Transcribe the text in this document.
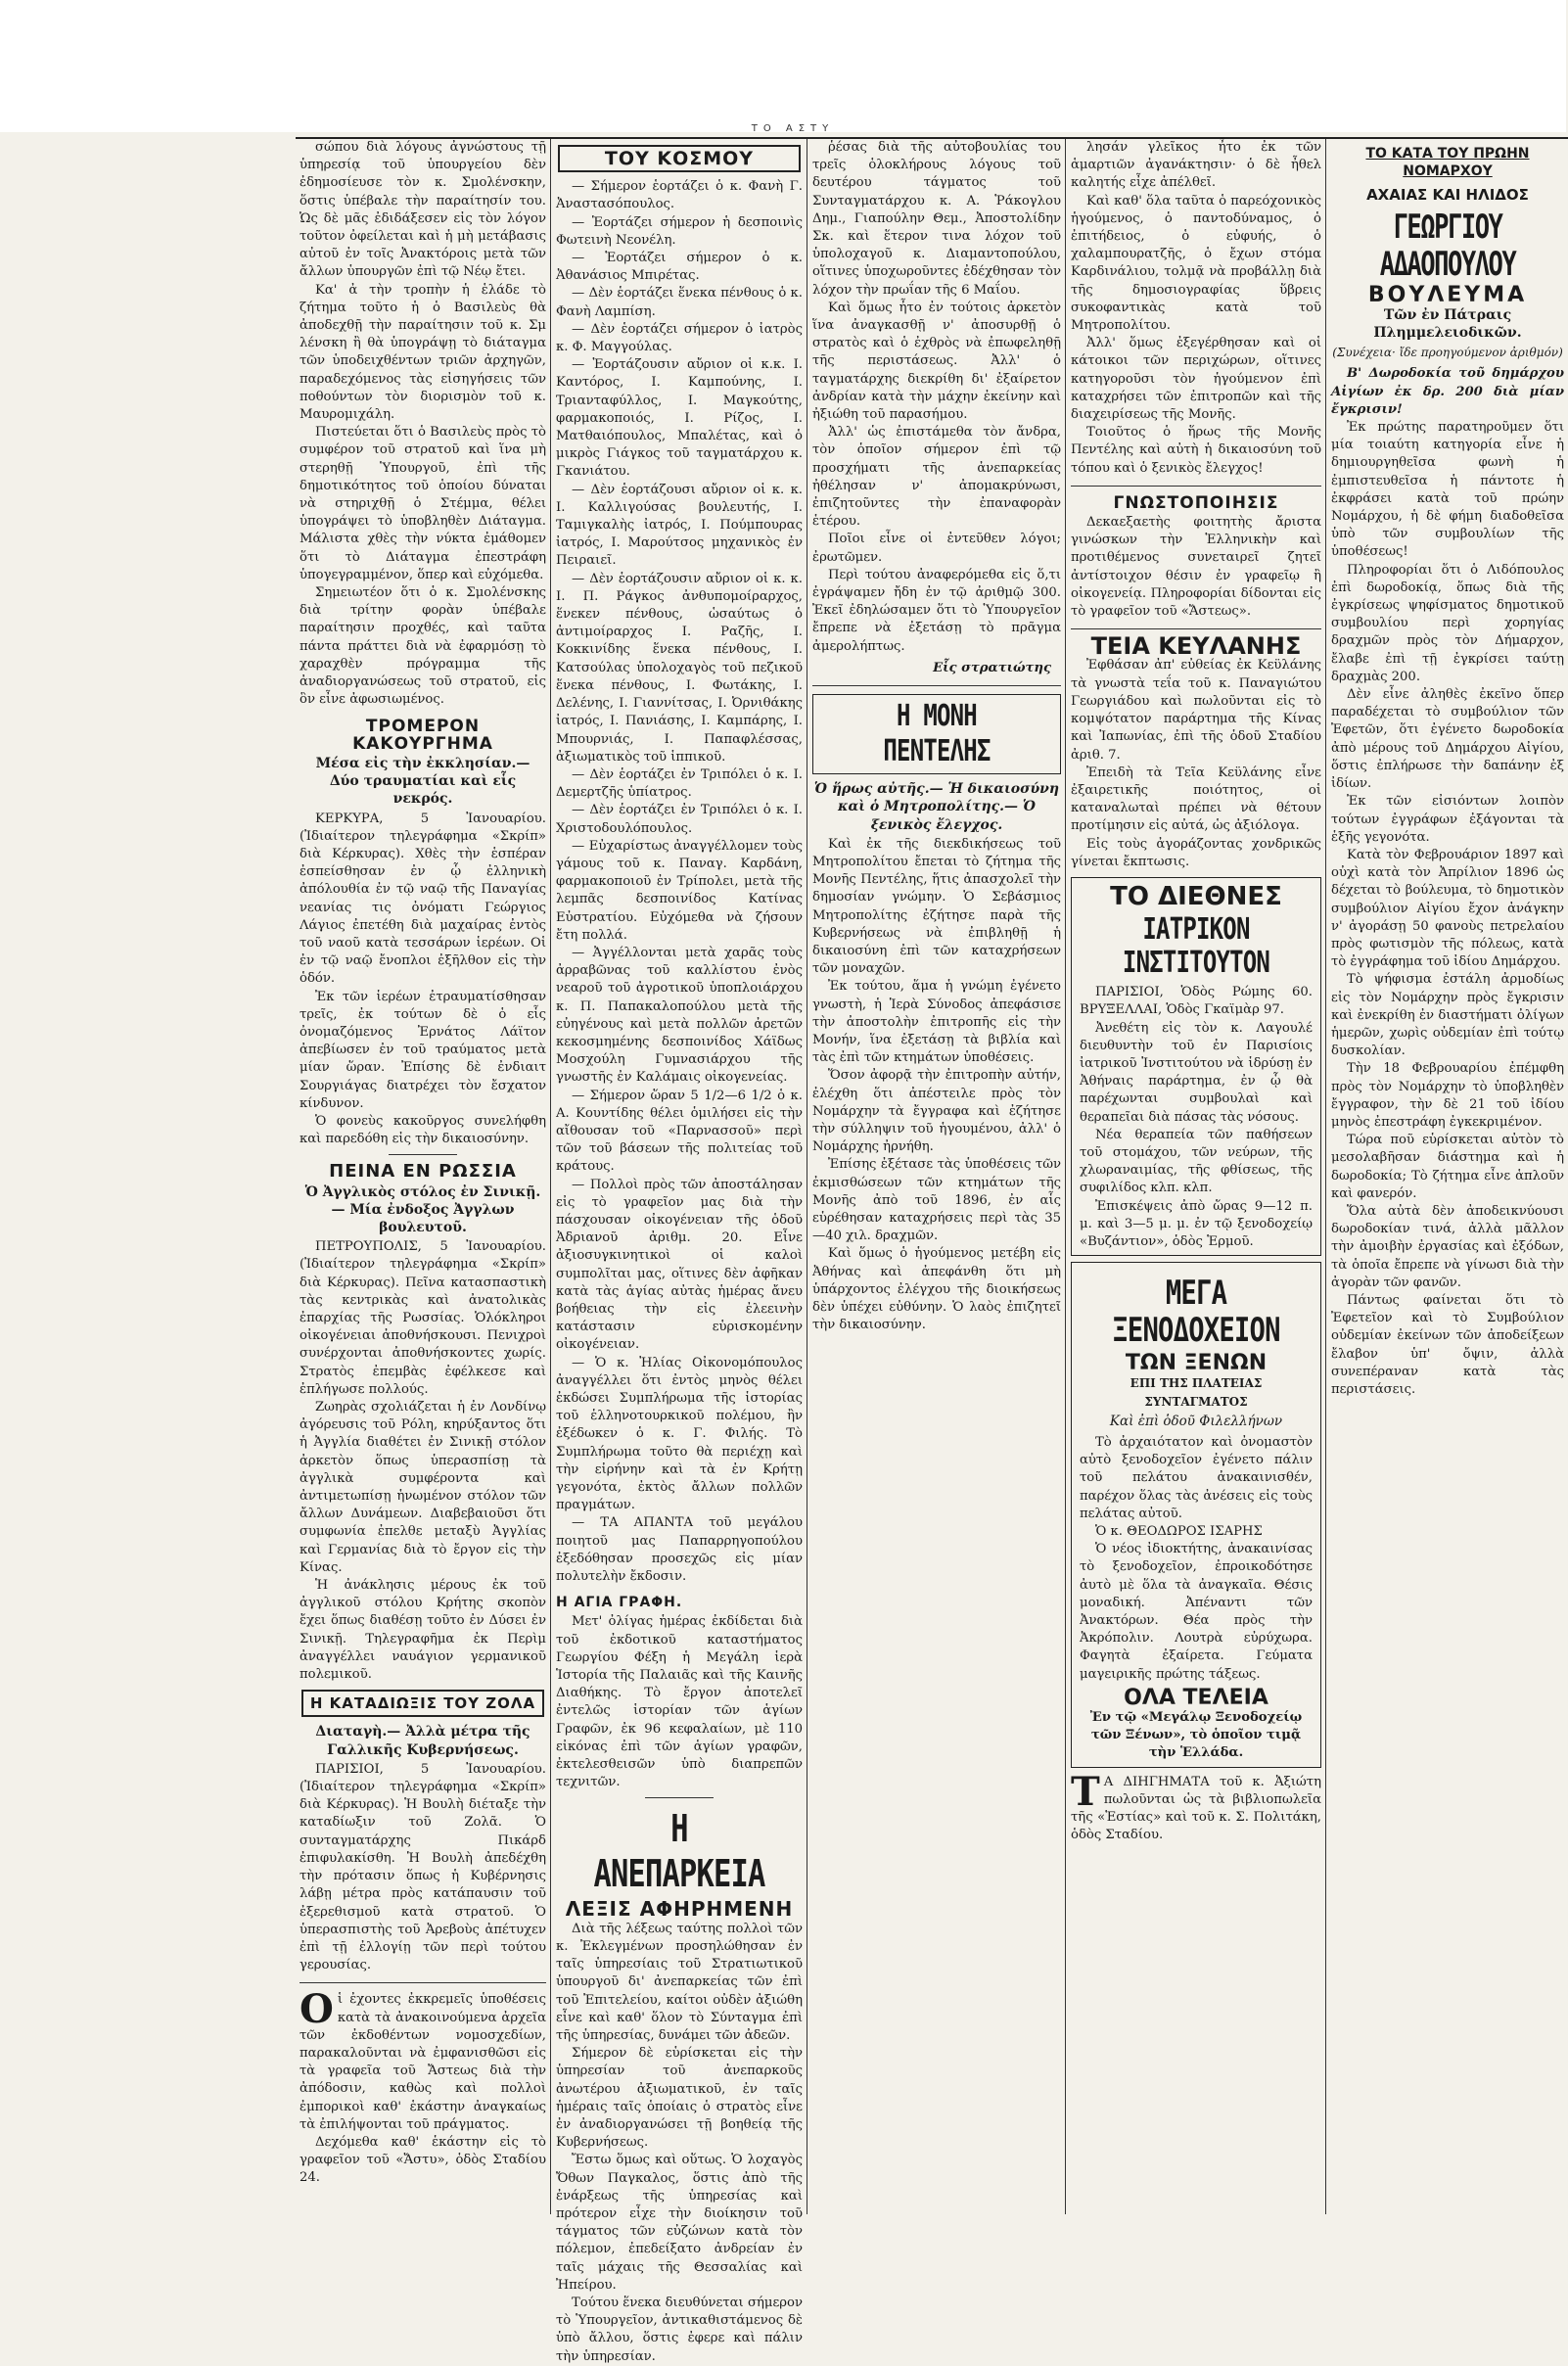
ΤΟ ΑΣΤΥ

σώπου διὰ λόγους ἀγνώστους τῇ ὑπηρεσίᾳ τοῦ ὑπουργείου δὲν ἐδημοσίευσε τὸν κ. Σμολένσκην, ὅστις ὑπέβαλε τὴν παραίτησίν του. Ὡς δὲ μᾶς ἐδιδάξεσεν εἰς τὸν λόγον τοῦτον ὀφείλεται καὶ ἡ μὴ μετάβασις αὐτοῦ ἐν τοῖς Ἀνακτόροις μετὰ τῶν ἄλλων ὑπουργῶν ἐπὶ τῷ Νέῳ ἔτει.

Κα' ἀ τὴν τροπὴν ἡ ἑλάδε τὸ ζήτημα τοῦτο ἡ ὁ Βασιλεὺς θὰ ἀποδεχθῇ τὴν παραίτησιν τοῦ κ. Σμ λένσκη ἢ θὰ ὑπογράψῃ τὸ διάταγμα τῶν ὑποδειχθέντων τριῶν ἀρχηγῶν, παραδεχόμενος τὰς εἰσηγήσεις τῶν ποθούντων τὸν διορισμὸν τοῦ κ. Μαυρομιχάλη.

Πιστεύεται ὅτι ὁ Βασιλεὺς πρὸς τὸ συμφέρον τοῦ στρατοῦ καὶ ἵνα μὴ στερηθῇ Ὑπουργοῦ, ἐπὶ τῆς δημοτικότητος τοῦ ὁποίου δύναται νὰ στηριχθῇ ὁ Στέμμα, θέλει ὑπογράψει τὸ ὑποβληθὲν Διάταγμα. Μάλιστα χθὲς τὴν νύκτα ἐμάθομεν ὅτι τὸ Διάταγμα ἐπεστράφη ὑπογεγραμμένον, ὅπερ καὶ εὐχόμεθα.

Σημειωτέον ὅτι ὁ κ. Σμολένσκης διὰ τρίτην φορὰν ὑπέβαλε παραίτησιν προχθές, καὶ ταῦτα πάντα πράττει διὰ νὰ ἐφαρμόσῃ τὸ χαραχθὲν πρόγραμμα τῆς ἀναδιοργανώσεως τοῦ στρατοῦ, εἰς ὃν εἶνε ἀφωσιωμένος.

ΤΡΟΜΕΡΟΝ ΚΑΚΟΥΡΓΗΜΑ
Μέσα εἰς τὴν ἐκκλησίαν.— Δύο τραυματίαι καὶ εἷς νεκρός.

ΚΕΡΚΥΡΑ, 5 Ἰανουαρίου. (Ἰδιαίτερον τηλεγράφημα «Σκρίπ» διὰ Κέρκυρας). Χθὲς τὴν ἑσπέραν ἐσπείσθησαν ἐν ᾧ ἐλληνικὴ ἀπόλουθία ἐν τῷ ναῷ τῆς Παναγίας νεανίας τις ὀνόματι Γεώργιος Λάγιος ἐπετέθη διὰ μαχαίρας ἐντὸς τοῦ ναοῦ κατὰ τεσσάρων ἱερέων. Οἱ ἐν τῷ ναῷ ἔνοπλοι ἐξῆλθον εἰς τὴν ὁδόν.

Ἐκ τῶν ἱερέων ἐτραυματίσθησαν τρεῖς, ἐκ τούτων δὲ ὁ εἷς ὀνομαζόμενος Ἐρνάτος Λάϊτον ἀπεβίωσεν ἐν τοῦ τραύματος μετὰ μίαν ὥραν. Ἐπίσης δὲ ἐνδιαιτ Σουργιάγας διατρέχει τὸν ἔσχατον κίνδυνον.

Ὁ φονεὺς κακοῦργος συνελήφθη καὶ παρεδόθη εἰς τὴν δικαιοσύνην.

ΠΕΙΝΑ ΕΝ ΡΩΣΣΙΑ
Ὁ Ἀγγλικὸς στόλος ἐν Σινικῇ.— Μία ἐνδοξος Ἀγγλων βουλευτοῦ.

ΠΕΤΡΟΥΠΟΛΙΣ, 5 Ἰανουαρίου. (Ἰδιαίτερον τηλεγράφημα «Σκρίπ» διὰ Κέρκυρας). Πεῖνα κατασπαστικὴ τὰς κεντρικὰς καὶ ἀνατολικὰς ἐπαρχίας τῆς Ρωσσίας. Ὁλόκληροι οἰκογένειαι ἀποθνήσκουσι. Πενιχροὶ συνέρχονται ἀποθνήσκοντες χωρίς. Στρατὸς ἐπεμβὰς ἐφέλκεσε καὶ ἐπλήγωσε πολλούς.

Ζωηρὰς σχολιάζεται ἡ ἐν Λονδίνῳ ἀγόρευσις τοῦ Ρόλη, κηρύξαντος ὅτι ἡ Ἀγγλία διαθέτει ἐν Σινικῇ στόλον ἀρκετὸν ὅπως ὑπερασπίσῃ τὰ ἀγγλικὰ συμφέροντα καὶ ἀντιμετωπίσῃ ἡνωμένον στόλον τῶν ἄλλων Δυνάμεων. Διαβεβαιοῦσι ὅτι συμφωνία ἐπελθε μεταξὺ Ἀγγλίας καὶ Γερμανίας διὰ τὸ ἔργον εἰς τὴν Κίνας.

Ἡ ἀνάκλησις μέρους ἐκ τοῦ ἀγγλικοῦ στόλου Κρήτης σκοπὸν ἔχει ὅπως διαθέσῃ τοῦτο ἐν Δύσει ἐν Σινικῇ. Τηλεγραφῆμα ἐκ Περὶμ ἀναγγέλλει ναυάγιον γερμανικοῦ πολεμικοῦ.

Η ΚΑΤΑΔΙΩΞΙΣ ΤΟΥ ΖΟΛΑ
Διαταγὴ.— Ἀλλὰ μέτρα τῆς Γαλλικῆς Κυβερνήσεως.

ΠΑΡΙΣΙΟΙ, 5 Ἰανουαρίου. (Ἰδιαίτερον τηλεγράφημα «Σκρίπ» διὰ Κέρκυρας). Ἡ Βουλὴ διέταξε τὴν καταδίωξιν τοῦ Ζολᾶ. Ὁ συνταγματάρχης Πικάρδ ἐπιφυλακίσθη. Ἡ Βουλὴ ἀπεδέχθη τὴν πρότασιν ὅπως ἡ Κυβέρνησις λάβῃ μέτρα πρὸς κατάπαυσιν τοῦ ἐξερεθισμοῦ κατὰ στρατοῦ. Ὁ ὑπερασπιστὴς τοῦ Ἀρεβοὺς ἀπέτυχεν ἐπὶ τῇ ἐλλογίῃ τῶν περὶ τούτου γερουσίας.

Οἱ ἐχοντες ἐκκρεμεῖς ὑποθέσεις κατὰ τὰ ἀνακοινούμενα ἀρχεῖα τῶν ἐκδοθέντων νομοσχεδίων, παρακαλοῦνται νὰ ἐμφανισθῶσι εἰς τὰ γραφεῖα τοῦ Ἄστεως διὰ τὴν ἀπόδοσιν, καθὼς καὶ πολλοὶ ἐμπορικοὶ καθ' ἑκάστην ἀναγκαίως τὰ ἐπιλήψονται τοῦ πράγματος.

Δεχόμεθα καθ' ἑκάστην εἰς τὸ γραφεῖον τοῦ «Ἄστυ», ὁδὸς Σταδίου 24.

ΤΟΥ ΚΟΣΜΟΥ

— Σήμερον ἑορτάζει ὁ κ. Φανὴ Γ. Ἀναστασόπουλος.

— Ἑορτάζει σήμερον ἡ δεσποινὶς Φωτεινὴ Νεονέλη.

— Ἑορτάζει σήμερον ὁ κ. Ἀθανάσιος Μπιρέτας.

— Δὲν ἑορτάζει ἕνεκα πένθους ὁ κ. Φανὴ Λαμπίση.

— Δὲν ἑορτάζει σήμερον ὁ ἰατρὸς κ. Φ. Μαγγούλας.

— Ἑορτάζουσιν αὔριον οἱ κ.κ. Ι. Καντόρος, Ι. Καμπούνης, Ι. Τριανταφύλλος, Ι. Μαγκούτης, φαρμακοποιός, Ι. Ρίζος, Ι. Ματθαιόπουλος, Μπαλέτας, καὶ ὁ μικρὸς Γιάγκος τοῦ ταγματάρχου κ. Γκανιάτου.

— Δὲν ἑορτάζουσι αὔριον οἱ κ. κ. Ι. Καλλιγούσας βουλευτής, Ι. Ταμιγκαλὴς ἰατρός, Ι. Πούμπουρας ἰατρός, Ι. Μαρούτσος μηχανικὸς ἐν Πειραιεῖ.

— Δὲν ἑορτάζουσιν αὔριον οἱ κ. κ. Ι. Π. Ράγκος ἀνθυπομοίραρχος, ἕνεκεν πένθους, ὡσαύτως ὁ ἀντιμοίραρχος Ι. Ραζῆς, Ι. Κοκκινίδης ἕνεκα πένθους, Ι. Κατσούλας ὑπολοχαγὸς τοῦ πεζικοῦ ἕνεκα πένθους, Ι. Φωτάκης, Ι. Δελένης, Ι. Γιαννίτσας, Ι. Ὀρνιθάκης ἰατρός, Ι. Πανιάσης, Ι. Καμπάρης, Ι. Μπουρνιάς, Ι. Παπαφλέσσας, ἀξιωματικὸς τοῦ ἱππικοῦ.

— Δὲν ἑορτάζει ἐν Τριπόλει ὁ κ. Ι. Δεμερτζῆς ὑπίατρος.

— Δὲν ἑορτάζει ἐν Τριπόλει ὁ κ. Ι. Χριστοδουλόπουλος.

— Εὐχαρίστως ἀναγγέλλομεν τοὺς γάμους τοῦ κ. Παναγ. Καρδάνη, φαρμακοποιοῦ ἐν Τρίπολει, μετὰ τῆς λεμπᾶς δεσποινίδος Κατίνας Εὐστρατίου. Εὐχόμεθα νὰ ζήσουν ἔτη πολλά.

— Ἀγγέλλονται μετὰ χαρᾶς τοὺς ἀρραβῶνας τοῦ καλλίστου ἐνὸς νεαροῦ τοῦ ἀγροτικοῦ ὑποπλοιάρχου κ. Π. Παπακαλοπούλου μετὰ τῆς εὐηγένους καὶ μετὰ πολλῶν ἀρετῶν κεκοσμημένης δεσποινίδος Χάϊδως Μοσχούλη Γυμνασιάρχου τῆς γνωστῆς ἐν Καλάμαις οἰκογενείας.

— Σήμερον ὥραν 5 1/2—6 1/2 ὁ κ. Α. Κουντίδης θέλει ὁμιλήσει εἰς τὴν αἴθουσαν τοῦ «Παρνασσοῦ» περὶ τῶν τοῦ βάσεων τῆς πολιτείας τοῦ κράτους.

— Πολλοὶ πρὸς τῶν ἀποστάλησαν εἰς τὸ γραφεῖον μας διὰ τὴν πάσχουσαν οἰκογένειαν τῆς ὁδοῦ Ἀδριανοῦ ἀριθμ. 20. Εἶνε ἀξιοσυγκινητικοὶ οἱ καλοὶ συμπολῖται μας, οἵτινες δὲν ἀφῆκαν κατὰ τὰς ἁγίας αὐτὰς ἡμέρας ἄνευ βοήθειας τὴν εἰς ἐλεεινὴν κατάστασιν εὑρισκομένην οἰκογένειαν.

— Ὁ κ. Ἠλίας Οἰκονομόπουλος ἀναγγέλλει ὅτι ἐντὸς μηνὸς θέλει ἐκδώσει Συμπλήρωμα τῆς ἱστορίας τοῦ ἑλληνοτουρκικοῦ πολέμου, ἢν ἐξέδωκεν ὁ κ. Γ. Φιλής. Τὸ Συμπλήρωμα τοῦτο θὰ περιέχῃ καὶ τὴν εἰρήνην καὶ τὰ ἐν Κρήτῃ γεγονότα, ἐκτὸς ἄλλων πολλῶν πραγμάτων.

— ΤΑ ΑΠΑΝΤΑ τοῦ μεγάλου ποιητοῦ μας Παπαρρηγοπούλου ἐξεδόθησαν προσεχῶς εἰς μίαν πολυτελὴν ἔκδοσιν.

Η ΑΓΙΑ ΓΡΑΦΗ.

Μετ' ὀλίγας ἡμέρας ἐκδίδεται διὰ τοῦ ἐκδοτικοῦ καταστήματος Γεωργίου Φέξη ἡ Μεγάλη ἱερὰ Ἱστορία τῆς Παλαιᾶς καὶ τῆς Καινῆς Διαθήκης. Τὸ ἔργον ἀποτελεῖ ἐντελῶς ἱστορίαν τῶν ἁγίων Γραφῶν, ἐκ 96 κεφαλαίων, μὲ 110 εἰκόνας ἐπὶ τῶν ἁγίων γραφῶν, ἐκτελεσθεισῶν ὑπὸ διαπρεπῶν τεχνιτῶν.

Η ΑΝΕΠΑΡΚΕΙΑ
ΛΕΞΙΣ ΑΦΗΡΗΜΕΝΗ

Διὰ τῆς λέξεως ταύτης πολλοὶ τῶν κ. Ἐκλεγμένων προσηλώθησαν ἐν ταῖς ὑπηρεσίαις τοῦ Στρατιωτικοῦ ὑπουργοῦ δι' ἀνεπαρκείας τῶν ἐπὶ τοῦ Ἐπιτελείου, καίτοι οὐδὲν ἀξιώθη εἶνε καὶ καθ' ὅλον τὸ Σύνταγμα ἐπὶ τῆς ὑπηρεσίας, δυνάμει τῶν ἀδεῶν.

Σήμερον δὲ εὑρίσκεται εἰς τὴν ὑπηρεσίαν τοῦ ἀνεπαρκοῦς ἀνωτέρου ἀξιωματικοῦ, ἐν ταῖς ἡμέραις ταῖς ὁποίαις ὁ στρατὸς εἶνε ἐν ἀναδιοργανώσει τῇ βοηθείᾳ τῆς Κυβερνήσεως.

Ἔστω ὅμως καὶ οὕτως. Ὁ λοχαγὸς Ὄθων Παγκαλος, ὅστις ἀπὸ τῆς ἐνάρξεως τῆς ὑπηρεσίας καὶ πρότερον εἶχε τὴν διοίκησιν τοῦ τάγματος τῶν εὐζώνων κατὰ τὸν πόλεμον, ἐπεδείξατο ἀνδρείαν ἐν ταῖς μάχαις τῆς Θεσσαλίας καὶ Ἠπείρου.

Τούτου ἕνεκα διευθύνεται σήμερον τὸ Ὑπουργεῖον, ἀντικαθιστάμενος δὲ ὑπὸ ἄλλου, ὅστις ἐφερε καὶ πάλιν τὴν ὑπηρεσίαν.

ῥέσας διὰ τῆς αὐτοβουλίας του τρεῖς ὁλοκλήρους λόγους τοῦ δευτέρου τάγματος τοῦ Συνταγματάρχου κ. Α. Ῥάκογλου Δημ., Γιαπούλην Θεμ., Ἀποστολίδην Σκ. καὶ ἕτερον τινα λόχον τοῦ ὑπολοχαγοῦ κ. Διαμαντοπούλου, οἵτινες ὑποχωροῦντες ἐδέχθησαν τὸν λόχον τὴν πρωΐαν τῆς 6 Μαΐου.

Καὶ ὅμως ἦτο ἐν τούτοις ἀρκετὸν ἵνα ἀναγκασθῇ ν' ἀποσυρθῇ ὁ στρατὸς καὶ ὁ ἐχθρὸς νὰ ἐπωφεληθῇ τῆς περιστάσεως. Ἀλλ' ὁ ταγματάρχης διεκρίθη δι' ἐξαίρετον ἀνδρίαν κατὰ τὴν μάχην ἐκείνην καὶ ἠξιώθη τοῦ παρασήμου.

Ἀλλ' ὡς ἐπιστάμεθα τὸν ἄνδρα, τὸν ὁποῖον σήμερον ἐπὶ τῷ προσχήματι τῆς ἀνεπαρκείας ἠθέλησαν ν' ἀπομακρύνωσι, ἐπιζητοῦντες τὴν ἐπαναφορὰν ἑτέρου.

Ποῖοι εἶνε οἱ ἐντεῦθεν λόγοι; ἐρωτῶμεν.

Περὶ τούτου ἀναφερόμεθα εἰς ὅ,τι ἐγράψαμεν ἤδη ἐν τῷ ἀριθμῷ 300. Ἐκεῖ ἐδηλώσαμεν ὅτι τὸ Ὑπουργεῖον ἔπρεπε νὰ ἐξετάσῃ τὸ πρᾶγμα ἀμερολήπτως.

Εἷς στρατιώτης
Η ΜΟΝΗ ΠΕΝΤΕΛΗΣ
Ὁ ἥρως αὐτῆς.— Ἡ δικαιοσύνη καὶ ὁ Μητροπολίτης.— Ὁ ξενικὸς ἔλεγχος.

Καὶ ἐκ τῆς διεκδικήσεως τοῦ Μητροπολίτου ἔπεται τὸ ζήτημα τῆς Μονῆς Πεντέλης, ἥτις ἀπασχολεῖ τὴν δημοσίαν γνώμην. Ὁ Σεβάσμιος Μητροπολίτης ἐζήτησε παρὰ τῆς Κυβερνήσεως νὰ ἐπιβληθῇ ἡ δικαιοσύνη ἐπὶ τῶν καταχρήσεων τῶν μοναχῶν.

Ἐκ τούτου, ἅμα ἡ γνώμη ἐγένετο γνωστὴ, ἡ Ἱερὰ Σύνοδος ἀπεφάσισε τὴν ἀποστολὴν ἐπιτροπῆς εἰς τὴν Μονήν, ἵνα ἐξετάσῃ τὰ βιβλία καὶ τὰς ἐπὶ τῶν κτημάτων ὑποθέσεις.

Ὅσον ἀφορᾷ τὴν ἐπιτροπὴν αὐτήν, ἐλέχθη ὅτι ἀπέστειλε πρὸς τὸν Νομάρχην τὰ ἔγγραφα καὶ ἐζήτησε τὴν σύλληψιν τοῦ ἡγουμένου, ἀλλ' ὁ Νομάρχης ἠρνήθη.

Ἐπίσης ἐξέτασε τὰς ὑποθέσεις τῶν ἐκμισθώσεων τῶν κτημάτων τῆς Μονῆς ἀπὸ τοῦ 1896, ἐν αἷς εὑρέθησαν καταχρήσεις περὶ τὰς 35—40 χιλ. δραχμῶν.

Καὶ ὅμως ὁ ἡγούμενος μετέβη εἰς Ἀθήνας καὶ ἀπεφάνθη ὅτι μὴ ὑπάρχοντος ἐλέγχου τῆς διοικήσεως δὲν ὑπέχει εὐθύνην. Ὁ λαὸς ἐπιζητεῖ τὴν δικαιοσύνην.

λησάν γλεῖκος ἦτο ἐκ τῶν ἁμαρτιῶν ἀγανάκτησιν· ὁ δὲ ἦθελ καλητής εἶχε ἀπέλθεῖ.

Καὶ καθ' ὅλα ταῦτα ὁ παρεόχονικὸς ἡγούμενος, ὁ παντοδύναμος, ὁ ἐπιτήδειος, ὁ εὐφυής, ὁ χαλαμπουρατζῆς, ὁ ἔχων στόμα Καρδινάλιου, τολμᾷ νὰ προβάλλῃ διὰ τῆς δημοσιογραφίας ὕβρεις συκοφαντικὰς κατὰ τοῦ Μητροπολίτου.

Ἀλλ' ὅμως ἐξεγέρθησαν καὶ οἱ κάτοικοι τῶν περιχώρων, οἵτινες κατηγοροῦσι τὸν ἡγούμενον ἐπὶ καταχρήσει τῶν ἐπιτροπῶν καὶ τῆς διαχειρίσεως τῆς Μονῆς.

Τοιοῦτος ὁ ἥρως τῆς Μονῆς Πεντέλης καὶ αὐτὴ ἡ δικαιοσύνη τοῦ τόπου καὶ ὁ ξενικὸς ἔλεγχος!

ΓΝΩΣΤΟΠΟΙΗΣΙΣ

Δεκαεξαετὴς φοιτητὴς ἄριστα γινώσκων τὴν Ἑλληνικὴν καὶ προτιθέμενος συνεταιρεῖ ζητεῖ ἀντίστοιχον θέσιν ἐν γραφεῖῳ ἢ οἰκογενείᾳ. Πληροφορίαι δίδονται εἰς τὸ γραφεῖον τοῦ «Ἄστεως».

ΤΕΙΑ ΚΕΥΛΑΝΗΣ

Ἐφθάσαν ἀπ' εὐθείας ἐκ Κεϋλάνης τὰ γνωστὰ τεΐα τοῦ κ. Παναγιώτου Γεωργιάδου καὶ πωλοῦνται εἰς τὸ κομψότατον παράρτημα τῆς Κίνας καὶ Ἰαπωνίας, ἐπὶ τῆς ὁδοῦ Σταδίου ἀριθ. 7.

Ἐπειδὴ τὰ Τεῖα Κεϋλάνης εἶνε ἐξαιρετικῆς ποιότητος, οἱ καταναλωταὶ πρέπει νὰ θέτουν προτίμησιν εἰς αὐτά, ὡς ἀξιόλογα.

Εἰς τοὺς ἀγοράζοντας χονδρικῶς γίνεται ἔκπτωσις.

ΤΟ ΔΙΕΘΝΕΣ
ΙΑΤΡΙΚΟΝ ΙΝΣΤΙΤΟΥΤΟΝ

ΠΑΡΙΣΙΟΙ, Ὁδὸς Ρώμης 60. ΒΡΥΞΕΛΛΑΙ, Ὁδὸς Γκαϊμὰρ 97.

Ἀνεθέτη εἰς τὸν κ. Λαγουλέ διευθυντὴν τοῦ ἐν Παρισίοις ἰατρικοῦ Ἰνστιτούτου νὰ ἱδρύσῃ ἐν Ἀθήναις παράρτημα, ἐν ᾧ θὰ παρέχωνται συμβουλαὶ καὶ θεραπεῖαι διὰ πάσας τὰς νόσους.

Νέα θεραπεία τῶν παθήσεων τοῦ στομάχου, τῶν νεύρων, τῆς χλωραναιμίας, τῆς φθίσεως, τῆς συφιλίδος κλπ. κλπ.

Ἐπισκέψεις ἀπὸ ὥρας 9—12 π. μ. καὶ 3—5 μ. μ. ἐν τῷ ξενοδοχείῳ «Βυζάντιον», ὁδὸς Ἑρμοῦ.

ΜΕΓΑ ΞΕΝΟΔΟΧΕΙΟΝ
ΤΩΝ ΞΕΝΩΝ
ΕΠΙ ΤΗΣ ΠΛΑΤΕΙΑΣ ΣΥΝΤΑΓΜΑΤΟΣ
Καὶ ἐπὶ ὁδοῦ Φιλελλήνων

Τὸ ἀρχαιότατον καὶ ὀνομαστὸν αὐτὸ ξενοδοχεῖον ἐγένετο πάλιν τοῦ πελάτου ἀνακαινισθέν, παρέχον ὅλας τὰς ἀνέσεις εἰς τοὺς πελάτας αὐτοῦ.

Ὁ κ. ΘΕΟΔΩΡΟΣ ΙΣΑΡΗΣ

Ὁ νέος ἰδιοκτήτης, ἀνακαινίσας τὸ ξενοδοχεῖον, ἐπροικοδότησε ἀυτὸ μὲ ὅλα τὰ ἀναγκαῖα. Θέσις μοναδική. Ἀπέναντι τῶν Ἀνακτόρων. Θέα πρὸς τὴν Ἀκρόπολιν. Λουτρὰ εὐρύχωρα. Φαγητὰ ἐξαίρετα. Γεύματα μαγειρικῆς πρώτης τάξεως.

ΟΛΑ ΤΕΛΕΙΑ

Ἐν τῷ «Μεγάλῳ Ξενοδοχείῳ τῶν Ξένων», τὸ ὁποῖον τιμᾷ τὴν Ἑλλάδα.

ΤΑ ΔΙΗΓΗΜΑΤΑ τοῦ κ. Ἀξιώτη πωλοῦνται ὡς τὰ βιβλιοπωλεῖα τῆς «Ἑστίας» καὶ τοῦ κ. Σ. Πολιτάκη, ὁδὸς Σταδίου.

ΤΟ ΚΑΤΑ ΤΟΥ ΠΡΩΗΝ ΝΟΜΑΡΧΟΥ
ΑΧΑΙΑΣ ΚΑΙ ΗΛΙΔΟΣ
ΓΕΩΡΓΙΟΥ ΑΔΑΟΠΟΥΛΟΥ
ΒΟΥΛΕΥΜΑ
Τῶν ἐν Πάτραις Πλημμελειοδικῶν.
(Συνέχεια· ἴδε προηγούμενον ἀριθμόν)

Β' Δωροδοκία τοῦ δημάρχου Αἰγίων ἐκ δρ. 200 διὰ μίαν ἔγκρισιν!

Ἐκ πρώτης παρατηροῦμεν ὅτι μία τοιαύτη κατηγορία εἶνε ἡ δημιουργηθεῖσα φωνὴ ἡ ἐμπιστευθεῖσα ἡ πάντοτε ἡ ἐκφράσει κατὰ τοῦ πρώην Νομάρχου, ἡ δὲ φήμη διαδοθεῖσα ὑπὸ τῶν συμβουλίων τῆς ὑποθέσεως!

Πληροφορίαι ὅτι ὁ Λιδόπουλος ἐπὶ δωροδοκίᾳ, ὅπως διὰ τῆς ἐγκρίσεως ψηφίσματος δημοτικοῦ συμβουλίου περὶ χορηγίας δραχμῶν πρὸς τὸν Δήμαρχον, ἔλαβε ἐπὶ τῇ ἐγκρίσει ταύτῃ δραχμὰς 200.

Δὲν εἶνε ἀληθὲς ἐκεῖνο ὅπερ παραδέχεται τὸ συμβούλιον τῶν Ἐφετῶν, ὅτι ἐγένετο δωροδοκία ἀπὸ μέρους τοῦ Δημάρχου Αἰγίου, ὅστις ἐπλήρωσε τὴν δαπάνην ἐξ ἰδίων.

Ἐκ τῶν εἰσιόντων λοιπὸν τούτων ἐγγράφων ἐξάγονται τὰ ἑξῆς γεγονότα.

Κατὰ τὸν Φεβρουάριον 1897 καὶ οὐχὶ κατὰ τὸν Ἀπρίλιον 1896 ὡς δέχεται τὸ βούλευμα, τὸ δημοτικὸν συμβούλιον Αἰγίου ἔχον ἀνάγκην ν' ἀγοράσῃ 50 φανοὺς πετρελαίου πρὸς φωτισμὸν τῆς πόλεως, κατὰ τὸ ἐγγράφημα τοῦ ἰδίου Δημάρχου.

Τὸ ψήφισμα ἐστάλη ἀρμοδίως εἰς τὸν Νομάρχην πρὸς ἔγκρισιν καὶ ἐνεκρίθη ἐν διαστήματι ὀλίγων ἡμερῶν, χωρὶς οὐδεμίαν ἐπὶ τούτῳ δυσκολίαν.

Τὴν 18 Φεβρουαρίου ἐπέμφθη πρὸς τὸν Νομάρχην τὸ ὑποβληθὲν ἔγγραφον, τὴν δὲ 21 τοῦ ἰδίου μηνὸς ἐπεστράφη ἐγκεκριμένον.

Τώρα ποῦ εὑρίσκεται αὐτὸν τὸ μεσολαβῆσαν διάστημα καὶ ἡ δωροδοκία; Τὸ ζήτημα εἶνε ἁπλοῦν καὶ φανερόν.

Ὅλα αὐτὰ δὲν ἀποδεικνύουσι δωροδοκίαν τινά, ἀλλὰ μᾶλλον τὴν ἀμοιβὴν ἐργασίας καὶ ἐξόδων, τὰ ὁποῖα ἔπρεπε νὰ γίνωσι διὰ τὴν ἀγορὰν τῶν φανῶν.

Πάντως φαίνεται ὅτι τὸ Ἐφετεῖον καὶ τὸ Συμβούλιον οὐδεμίαν ἐκείνων τῶν ἀποδείξεων ἔλαβον ὑπ' ὄψιν, ἀλλὰ συνεπέραναν κατὰ τὰς περιστάσεις.
